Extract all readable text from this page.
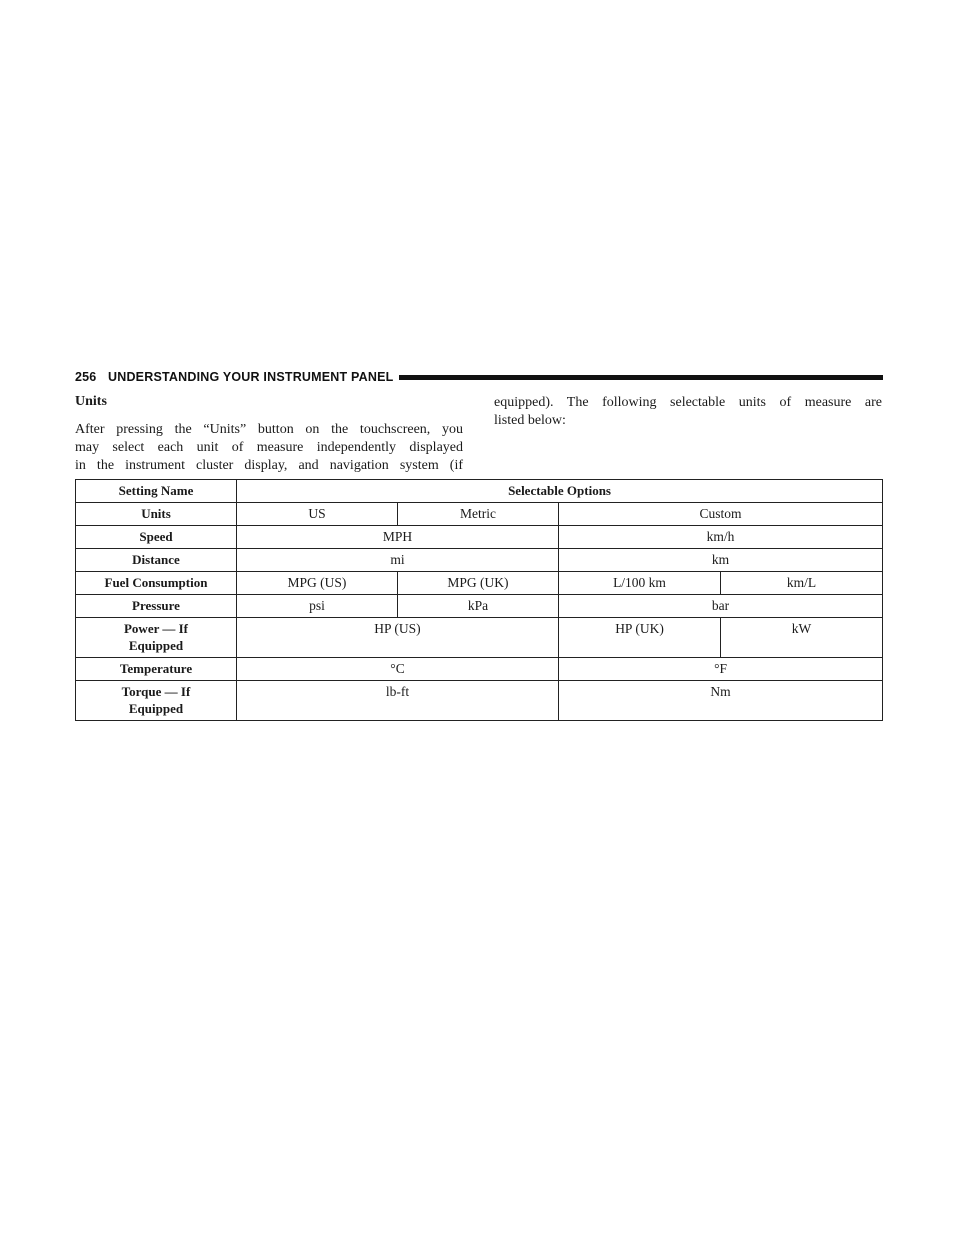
256 UNDERSTANDING YOUR INSTRUMENT PANEL
Units
After pressing the “Units” button on the touchscreen, you
may select each unit of measure independently displayed
in the instrument cluster display, and navigation system (if
equipped). The following selectable units of measure are
listed below:
Setting Name	Selectable Options			
Units	US	Metric	Custom	
Speed	MPH		km/h	
Distance	mi		km	
Fuel Consumption	MPG (US)	MPG (UK)	L/100 km	km/L
Pressure	psi	kPa	bar	
Power — If
Equipped	HP (US)		HP (UK)	kW
Temperature	°C		°F	
Torque — If
Equipped	lb-ft		Nm	
